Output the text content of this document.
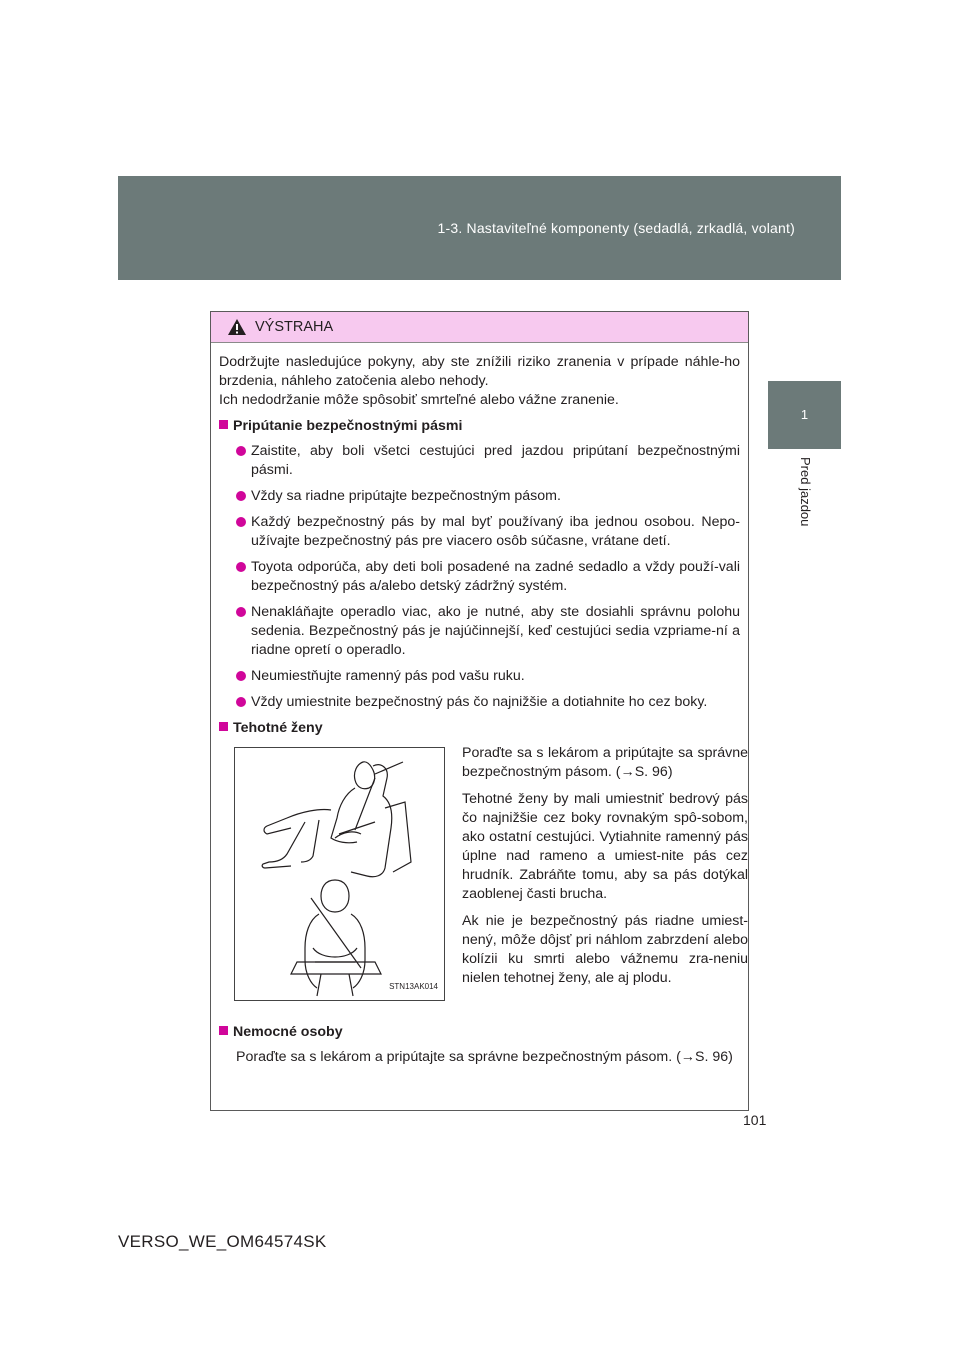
1-3. Nastaviteľné komponenty (sedadlá, zrkadlá, volant)
1
Pred jazdou
VÝSTRAHA

Dodržujte nasledujúce pokyny, aby ste znížili riziko zranenia v prípade náhle-ho brzdenia, náhleho zatočenia alebo nehody.

Ich nedodržanie môže spôsobiť smrteľné alebo vážne zranenie.

Pripútanie bezpečnostnými pásmi
Zaistite, aby boli všetci cestujúci pred jazdou pripútaní bezpečnostnými pásmi.
Vždy sa riadne pripútajte bezpečnostným pásom.
Každý bezpečnostný pás by mal byť používaný iba jednou osobou. Nepo-užívajte bezpečnostný pás pre viacero osôb súčasne, vrátane detí.
Toyota odporúča, aby deti boli posadené na zadné sedadlo a vždy použí-vali bezpečnostný pás a/alebo detský zádržný systém.
Nenakláňajte operadlo viac, ako je nutné, aby ste dosiahli správnu polohu sedenia. Bezpečnostný pás je najúčinnejší, keď cestujúci sedia vzpriame-ní a riadne opretí o operadlo.
Neumiestňujte ramenný pás pod vašu ruku.
Vždy umiestnite bezpečnostný pás čo najnižšie a dotiahnite ho cez boky.
Tehotné ženy
STN13AK014

Poraďte sa s lekárom a pripútajte sa správne bezpečnostným pásom. (→S. 96)

Tehotné ženy by mali umiestniť bedrový pás čo najnižšie cez boky rovnakým spô-sobom, ako ostatní cestujúci. Vytiahnite ramenný pás úplne nad rameno a umiest-nite pás cez hrudník. Zabráňte tomu, aby sa pás dotýkal zaoblenej časti brucha.

Ak nie je bezpečnostný pás riadne umiest-nený, môže dôjsť pri náhlom zabrzdení alebo kolízii ku smrti alebo vážnemu zra-neniu nielen tehotnej ženy, ale aj plodu.

Nemocné osoby

Poraďte sa s lekárom a pripútajte sa správne bezpečnostným pásom. (→S. 96)

101
VERSO_WE_OM64574SK
